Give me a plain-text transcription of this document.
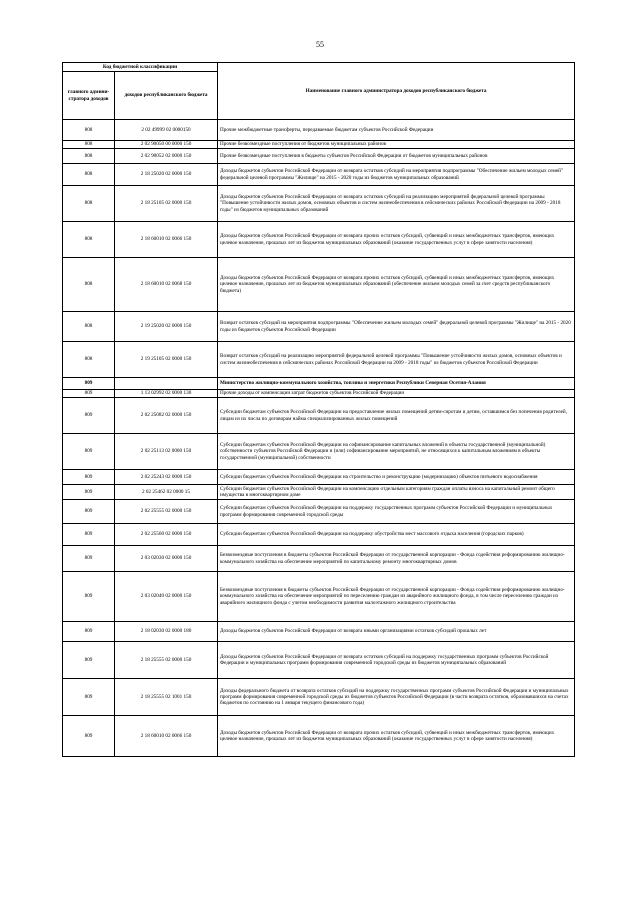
55
Код бюджетной классификации		Наименование главного администратора доходов республиканского бюджета
главного админи-стратора доходов	доходов республиканского бюджета	
808	2 02 49999 02 0000150	Прочие межбюджетные трансферты, передаваемые бюджетам субъектов Российской Федерации
808	2 02 90050 00 0000 150	Прочие безвозмездные поступления от бюджетов муниципальных районов
808	2 02 90052 02 0000 150	Прочие безвозмездные поступления в бюджеты субъектов Российской Федерации от бюджетов муниципальных районов
808	2 18 25020 02 0000 150	Доходы бюджетов субъектов Российской Федерации от возврата остатков субсидий на мероприятия подпрограммы "Обеспечение жильем молодых семей" федеральной целевой программы "Жилище" на 2015 - 2020 годы из бюджетов муниципальных образований
808	2 18 25105 02 0000 150	Доходы бюджетов субъектов Российской Федерации от возврата остатков субсидий на реализацию мероприятий федеральной целевой программы "Повышение устойчивости жилых домов, основных объектов и систем жизнеобеспечения в сейсмических районах Российской Федерации на 2009 - 2018 годы" из бюджетов муниципальных образований
808	2 18 60010 02 0066 150	Доходы бюджетов субъектов Российской Федерации от возврата прочих остатков субсидий, субвенций и иных межбюджетных трансфертов, имеющих целевое назначение, прошлых лет из бюджетов муниципальных образований (оказание государственных услуг в сфере занятости населения)
808	2 18 60010 02 0068 150	Доходы бюджетов субъектов Российской Федерации от возврата прочих остатков субсидий, субвенций и иных межбюджетных трансфертов, имеющих целевое назначение, прошлых лет из бюджетов муниципальных образований (обеспечение жильем молодых семей за счет средств республиканского бюджета)
808	2 19 25020 02 0000 150	Возврат остатков субсидий на мероприятия подпрограммы "Обеспечение жильем молодых семей" федеральной целевой программы "Жилище" на 2015 - 2020 годы из бюджетов субъектов Российской Федерации
808	2 19 25105 02 0000 150	Возврат остатков субсидий на реализацию мероприятий федеральной целевой программы "Повышение устойчивости жилых домов, основных объектов и систем жизнеобеспечения в сейсмических районах Российской Федерации на 2009 - 2018 годы" из бюджетов субъектов Российской Федерации
809		Министерство жилищно-коммунального хозяйства, топлива и энергетики Республики Северная Осетия-Алания
809	1 13 02992 02 0000 130	Прочие доходы от компенсации затрат бюджетов субъектов Российской Федерации
809	2 02 25082 02 0000 150	Субсидии бюджетам субъектов Российской Федерации на предоставление жилых помещений детям-сиротам и детям, оставшимся без попечения родителей, лицам из их числа по договорам найма специализированных жилых помещений
809	2 02 25113 02 0000 150	Субсидии бюджетам субъектов Российской Федерации на софинансирование капитальных вложений в объекты государственной (муниципальной) собственности субъектов Российской Федерации и (или) софинансирование мероприятий, не относящихся к капитальным вложениям в объекты государственной (муниципальной) собственности
809	2 02 25243 02 0000 150	Субсидии бюджетам субъектов Российской Федерации на строительство и реконструкцию (модернизацию) объектов питьевого водоснабжения
809	2 02 25462 02 0000 15	Субсидии бюджетам субъектов Российской Федерации на компенсацию отдельным категориям граждан оплаты взноса на капитальный ремонт общего имущества в многоквартирном доме
809	2 02 25555 02 0000 150	Субсидии бюджетам субъектов Российской Федерации на поддержку государственных программ субъектов Российской Федерации и муниципальных программ формирования современной городской среды
809	2 02 25560 02 0000 150	Субсидии бюджетам субъектов Российской Федерации на поддержку обустройства мест массового отдыха населения (городских парков)
809	2 03 02030 02 0000 150	Безвозмездные поступления в бюджеты субъектов Российской Федерации от государственной корпорации - Фонда содействия реформированию жилищно-коммунального хозяйства на обеспечение мероприятий по капитальному ремонту многоквартирных домов
809	2 03 02040 02 0000 150	Безвозмездные поступления в бюджеты субъектов Российской Федерации от государственной корпорации - Фонда содействия реформированию жилищно-коммунального хозяйства на обеспечение мероприятий по переселению граждан из аварийного жилищного фонда, в том числе переселению граждан из аварийного жилищного фонда с учетом необходимости развития малоэтажного жилищного строительства
809	2 18 02030 02 0000 180	Доходы бюджетов субъектов Российской Федерации от возврата иными организациями остатков субсидий прошлых лет
809	2 18 25555 02 0000 150	Доходы бюджетов субъектов Российской Федерации от возврата остатков субсидий на поддержку государственных программ субъектов Российской Федерации и муниципальных программ формирования современной городской среды из бюджетов муниципальных образований
809	2 18 25555 02 1001 150	Доходы федерального бюджета от возврата остатков субсидий на поддержку государственных программ субъектов Российской Федерации и муниципальных программ формирования современной городской среды из бюджетов субъектов Российской Федерации (в части возврата остатков, образовавшихся на счетах бюджетов по состоянию на 1 января текущего финансового года)
809	2 18 60010 02 0066 150	Доходы бюджетов субъектов Российской Федерации от возврата прочих остатков субсидий, субвенций и иных межбюджетных трансфертов, имеющих целевое назначение, прошлых лет из бюджетов муниципальных образований (оказание государственных услуг в сфере занятости населения)
